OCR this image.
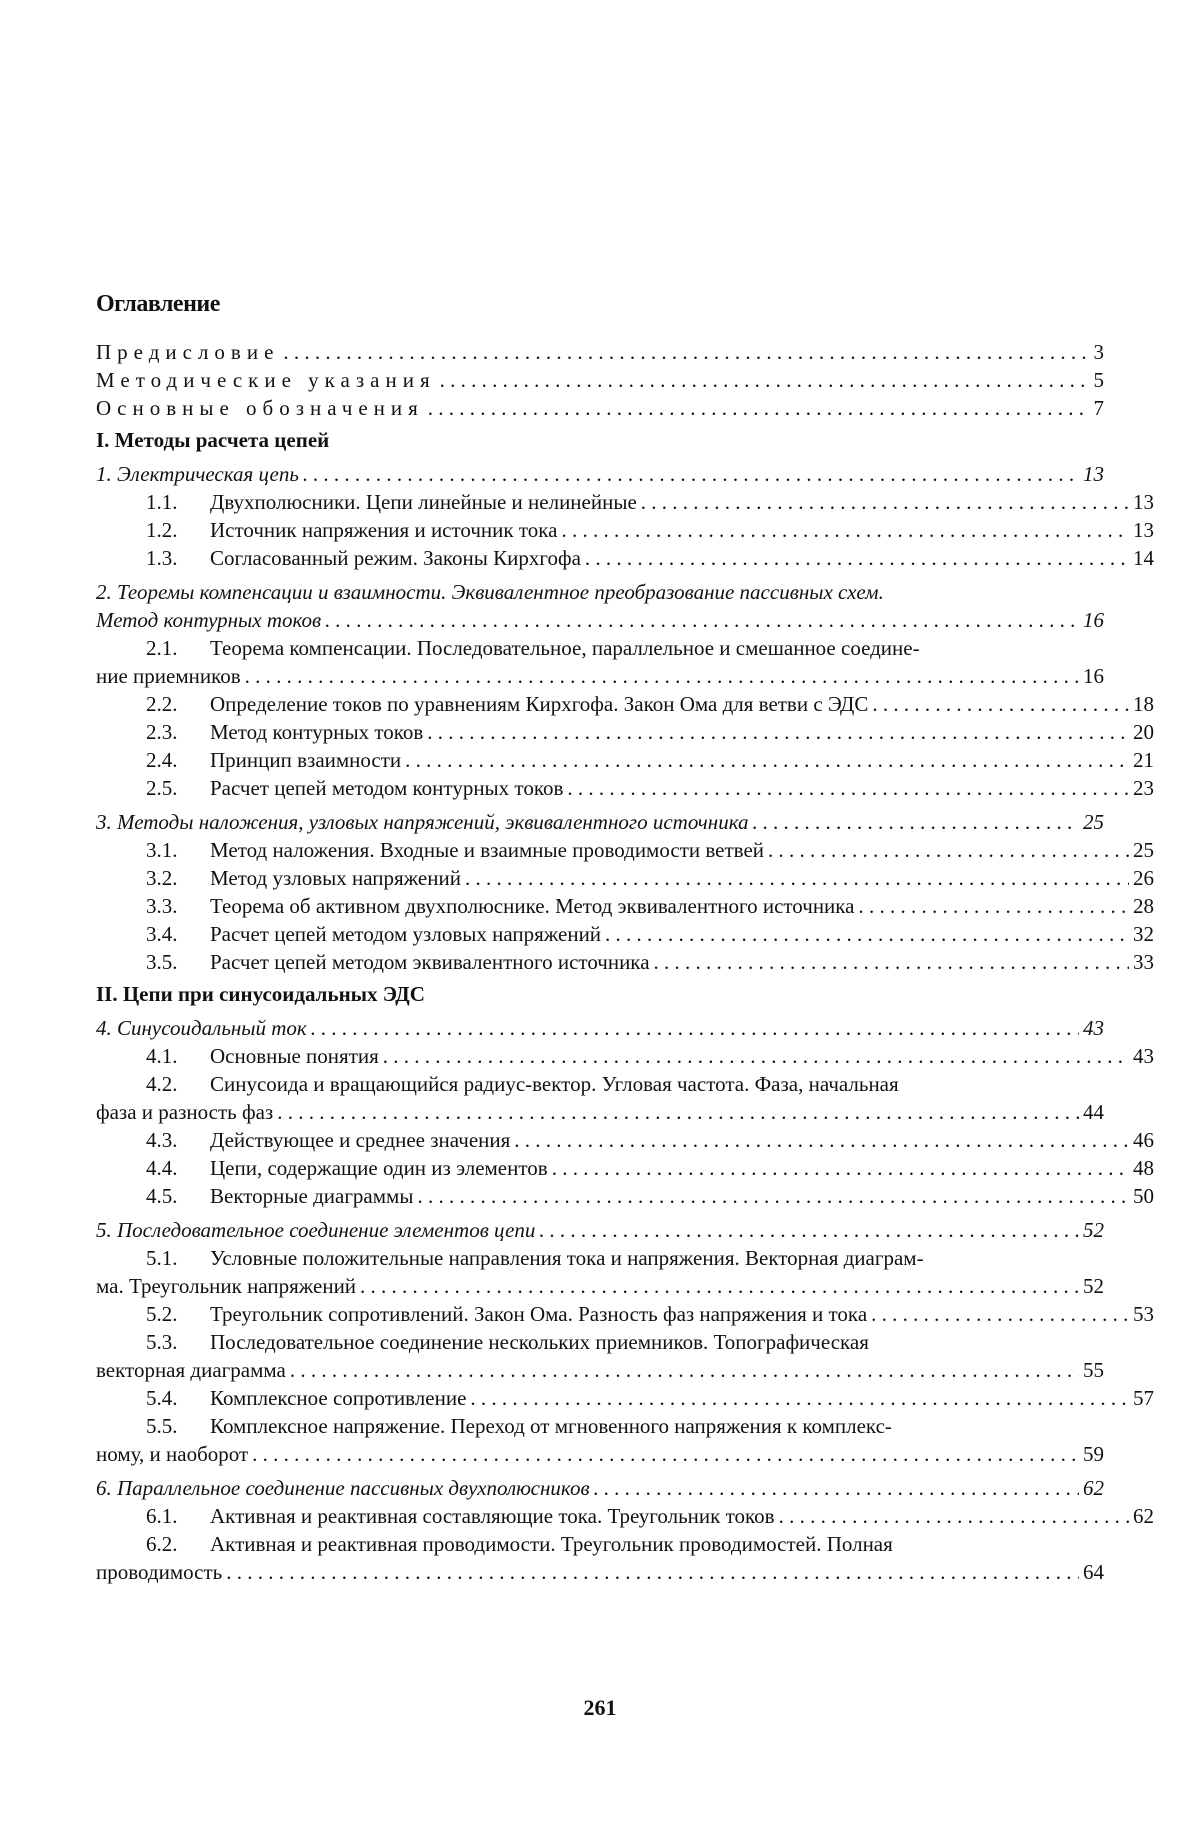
Оглавление
Предисловие . . .	3
Методические указания . . .	5
Основные обозначения . . .	7
I. Методы расчета цепей
1. Электрическая цепь . . .	13
1.1.	Двухполюсники. Цепи линейные и нелинейные . . .	13
1.2.	Источник напряжения и источник тока . . .	13
1.3.	Согласованный режим. Законы Кирхгофа . . .	14
2. Теоремы компенсации и взаимности. Эквивалентное преобразование пассивных схем.
Метод контурных токов . . .	16
2.1. Теорема компенсации. Последовательное, параллельное и смешанное соедине-
ние приемников . . .	16
2.2.	Определение токов по уравнениям Кирхгофа. Закон Ома для ветви с ЭДС . . .	18
2.3.	Метод контурных токов . . .	20
2.4.	Принцип взаимности . . .	21
2.5.	Расчет цепей методом контурных токов . . .	23
3. Методы наложения, узловых напряжений, эквивалентного источника . . .	25
3.1.	Метод наложения. Входные и взаимные проводимости ветвей . . .	25
3.2.	Метод узловых напряжений . . .	26
3.3.	Теорема об активном двухполюснике. Метод эквивалентного источника . . .	28
3.4.	Расчет цепей методом узловых напряжений . . .	32
3.5.	Расчет цепей методом эквивалентного источника . . .	33
II. Цепи при синусоидальных ЭДС
4. Синусоидальный ток . . .	43
4.1.	Основные понятия . . .	43
4.2. Синусоида и вращающийся радиус-вектор. Угловая частота. Фаза, начальная
фаза и разность фаз . . .	44
4.3.	Действующее и среднее значения . . .	46
4.4.	Цепи, содержащие один из элементов . . .	48
4.5.	Векторные диаграммы . . .	50
5. Последовательное соединение элементов цепи . . .	52
5.1. Условные положительные направления тока и напряжения. Векторная диаграм-
ма. Треугольник напряжений . . .	52
5.2.	Треугольник сопротивлений. Закон Ома. Разность фаз напряжения и тока . . .	53
5.3. Последовательное соединение нескольких приемников. Топографическая
векторная диаграмма . . .	55
5.4.	Комплексное сопротивление . . .	57
5.5. Комплексное напряжение. Переход от мгновенного напряжения к комплекс-
ному, и наоборот . . .	59
6. Параллельное соединение пассивных двухполюсников . . .	62
6.1.	Активная и реактивная составляющие тока. Треугольник токов . . .	62
6.2. Активная и реактивная проводимости. Треугольник проводимостей. Полная
проводимость . . .	64
261
